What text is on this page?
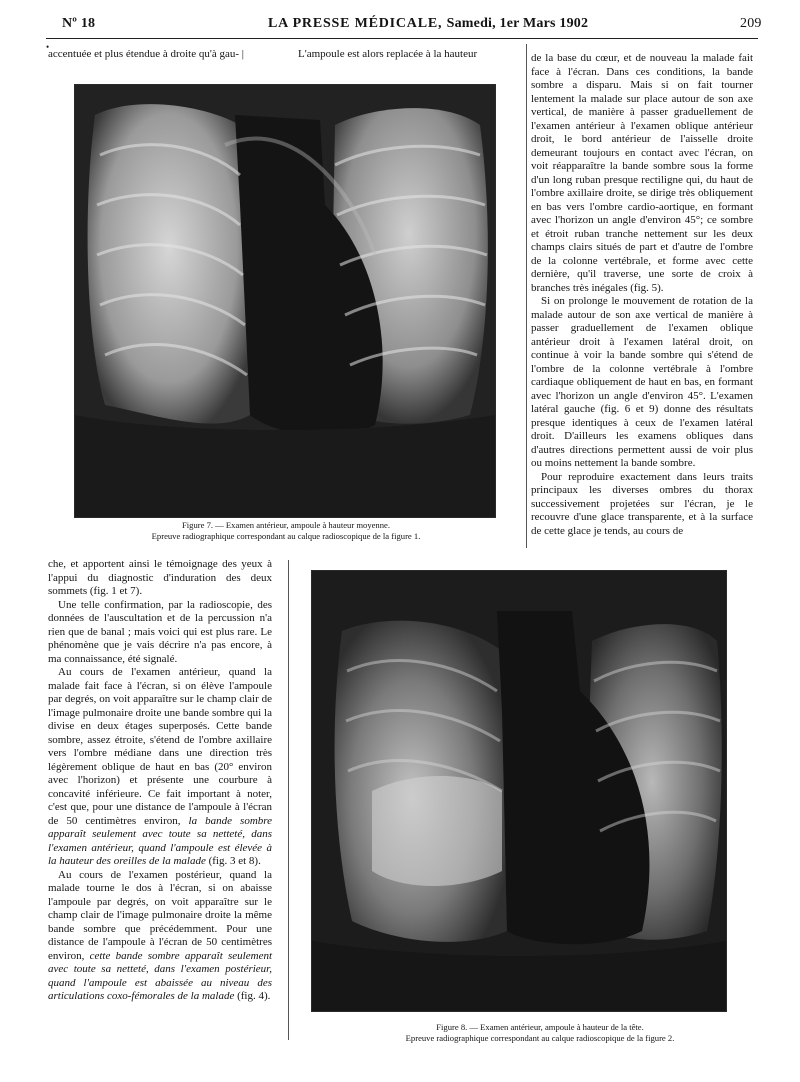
Nº 18	LA PRESSE MÉDICALE, Samedi, 1er Mars 1902	209
•
accentuée et plus étendue à droite qu'à gau- |	L'ampoule est alors replacée à la hauteur
Figure 7. — Examen antérieur, ampoule à hauteur moyenne.
Epreuve radiographique correspondant au calque radioscopique de la figure 1.

de la base du cœur, et de nouveau la malade fait face à l'écran. Dans ces conditions, la bande sombre a disparu. Mais si on fait tourner lentement la malade sur place autour de son axe vertical, de manière à passer graduellement de l'examen antérieur à l'examen oblique antérieur droit, le bord antérieur de l'aisselle droite demeurant toujours en contact avec l'écran, on voit réapparaître la bande sombre sous la forme d'un long ruban presque rectiligne qui, du haut de l'ombre axillaire droite, se dirige très obliquement en bas vers l'ombre cardio-aortique, en formant avec l'horizon un angle d'environ 45°; ce sombre et étroit ruban tranche nettement sur les deux champs clairs situés de part et d'autre de l'ombre de la colonne vertébrale, et forme avec cette dernière, qu'il traverse, une sorte de croix à branches très inégales (fig. 5).

Si on prolonge le mouvement de rotation de la malade autour de son axe vertical de manière à passer graduellement de l'examen oblique antérieur droit à l'examen latéral droit, on continue à voir la bande sombre qui s'étend de l'ombre de la colonne vertébrale à l'ombre cardiaque obliquement de haut en bas, en formant avec l'horizon un angle d'environ 45°. L'examen latéral gauche (fig. 6 et 9) donne des résultats presque identiques à ceux de l'examen latéral droit. D'ailleurs les examens obliques dans d'autres directions permettent aussi de voir plus ou moins nettement la bande sombre.

Pour reproduire exactement dans leurs traits principaux les diverses ombres du thorax successivement projetées sur l'écran, je le recouvre d'une glace transparente, et à la surface de cette glace je tends, au cours de

che, et apportent ainsi le témoignage des yeux à l'appui du diagnostic d'induration des deux sommets (fig. 1 et 7).

Une telle confirmation, par la radioscopie, des données de l'auscultation et de la percussion n'a rien que de banal ; mais voici qui est plus rare. Le phénomène que je vais décrire n'a pas encore, à ma connaissance, été signalé.

Au cours de l'examen antérieur, quand la malade fait face à l'écran, si on élève l'ampoule par degrés, on voit apparaître sur le champ clair de l'image pulmonaire droite une bande sombre qui la divise en deux étages superposés. Cette bande sombre, assez étroite, s'étend de l'ombre axillaire vers l'ombre médiane dans une direction très légèrement oblique de haut en bas (20° environ avec l'horizon) et présente une courbure à concavité inférieure. Ce fait important à noter, c'est que, pour une distance de l'ampoule à l'écran de 50 centimètres environ, la bande sombre apparaît seulement avec toute sa netteté, dans l'examen antérieur, quand l'ampoule est élevée à la hauteur des oreilles de la malade (fig. 3 et 8).

Au cours de l'examen postérieur, quand la malade tourne le dos à l'écran, si on abaisse l'ampoule par degrés, on voit apparaître sur le champ clair de l'image pulmonaire droite la même bande sombre que précédemment. Pour une distance de l'ampoule à l'écran de 50 centimètres environ, cette bande sombre apparaît seulement avec toute sa netteté, dans l'examen postérieur, quand l'ampoule est abaissée au niveau des articulations coxo-fémorales de la malade (fig. 4).

Figure 8. — Examen antérieur, ampoule à hauteur de la tête.
Epreuve radiographique correspondant au calque radioscopique de la figure 2.
